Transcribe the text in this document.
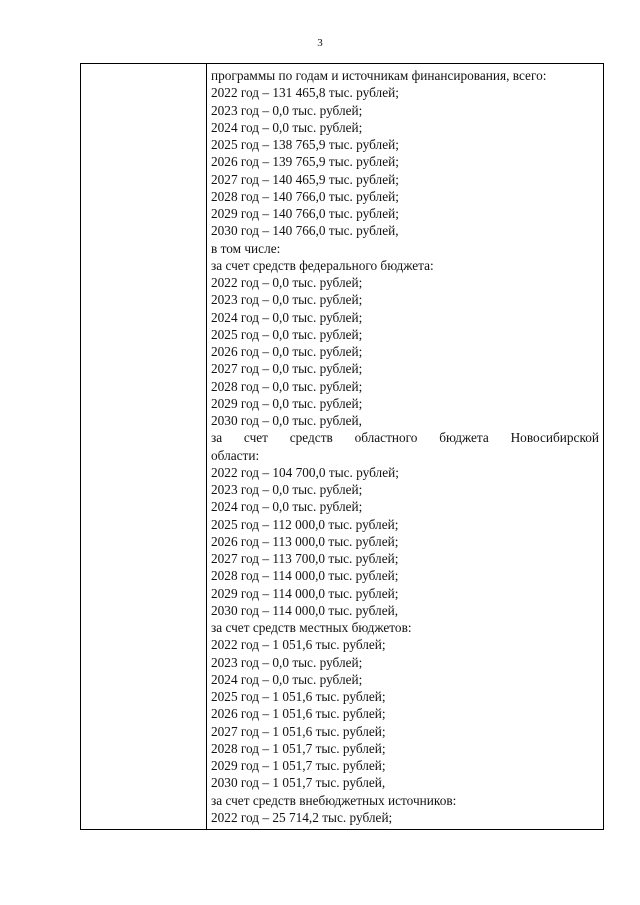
3
программы по годам и источникам финансирования, всего:
2022 год – 131 465,8 тыс. рублей;
2023 год – 0,0 тыс. рублей;
2024 год – 0,0 тыс. рублей;
2025 год – 138 765,9 тыс. рублей;
2026 год – 139 765,9 тыс. рублей;
2027 год – 140 465,9 тыс. рублей;
2028 год – 140 766,0 тыс. рублей;
2029 год – 140 766,0 тыс. рублей;
2030 год – 140 766,0 тыс. рублей,
в том числе:
за счет средств федерального бюджета:
2022 год – 0,0 тыс. рублей;
2023 год – 0,0 тыс. рублей;
2024 год – 0,0 тыс. рублей;
2025 год – 0,0 тыс. рублей;
2026 год – 0,0 тыс. рублей;
2027 год – 0,0 тыс. рублей;
2028 год – 0,0 тыс. рублей;
2029 год – 0,0 тыс. рублей;
2030 год – 0,0 тыс. рублей,
за счет средств областного бюджета Новосибирской
области:
2022 год – 104 700,0 тыс. рублей;
2023 год – 0,0 тыс. рублей;
2024 год – 0,0 тыс. рублей;
2025 год – 112 000,0 тыс. рублей;
2026 год – 113 000,0 тыс. рублей;
2027 год – 113 700,0 тыс. рублей;
2028 год – 114 000,0 тыс. рублей;
2029 год – 114 000,0 тыс. рублей;
2030 год – 114 000,0 тыс. рублей,
за счет средств местных бюджетов:
2022 год – 1 051,6 тыс. рублей;
2023 год – 0,0 тыс. рублей;
2024 год – 0,0 тыс. рублей;
2025 год – 1 051,6 тыс. рублей;
2026 год – 1 051,6 тыс. рублей;
2027 год – 1 051,6 тыс. рублей;
2028 год – 1 051,7 тыс. рублей;
2029 год – 1 051,7 тыс. рублей;
2030 год – 1 051,7 тыс. рублей,
за счет средств внебюджетных источников:
2022 год – 25 714,2 тыс. рублей;
